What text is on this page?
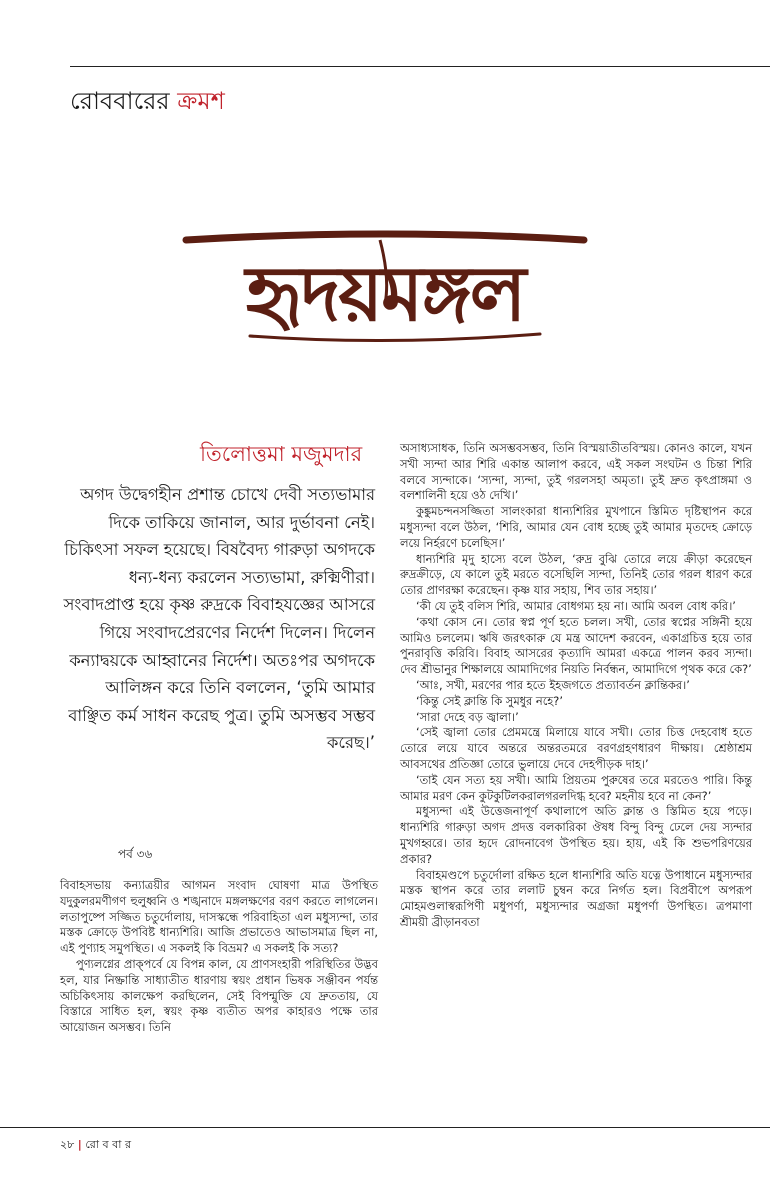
রোববারের ক্রমশ
হৃদয়মঙ্গল
তিলোত্তমা মজুমদার
অগদ উদ্বেগহীন প্রশান্ত চোখে দেবী সত্যভামার দিকে তাকিয়ে জানাল, আর দুর্ভাবনা নেই। চিকিৎসা সফল হয়েছে। বিষবৈদ্য গারুড়া অগদকে ধন্য-ধন্য করলেন সত্যভামা, রুক্মিণীরা। সংবাদপ্রাপ্ত হয়ে কৃষ্ণ রুদ্রকে বিবাহযজ্ঞের আসরে গিয়ে সংবাদপ্রেরণের নির্দেশ দিলেন। দিলেন কন্যাদ্বয়কে আহ্বানের নির্দেশ। অতঃপর অগদকে আলিঙ্গন করে তিনি বললেন, ‘তুমি আমার বাঞ্ছিত কর্ম সাধন করেছ পুত্র। তুমি অসম্ভব সম্ভব করেছ।’
পর্ব ৩৬

বিবাহসভায় কন্যাত্রয়ীর আগমন সংবাদ ঘোষণা মাত্র উপস্থিত যদুকুলরমণীগণ হুলুধ্বনি ও শঙ্খনাদে মঙ্গলক্ষণের বরণ করতে লাগলেন। লতাপুষ্পে সজ্জিত চতুর্দোলায়, দাসস্কন্ধে পরিবাহিতা এল মধুস্যন্দা, তার মস্তক ক্রোড়ে উপবিষ্ট ধান্যশিরি। আজি প্রভাতেও আভাসমাত্র ছিল না, এই পুণ্যাহ সমুপস্থিত। এ সকলই কি বিভ্রম? এ সকলই কি সত্য?

পুণ্যলগ্নের প্রাক্‌পর্বে যে বিপন্ন কাল, যে প্রাণসংহারী পরিস্থিতির উদ্ভব হল, যার নিষ্ক্রান্তি সাধ্যাতীত ধারণায় স্বয়ং প্রধান ভিষক সঞ্জীবন পর্যন্ত অচিকিৎসায় কালক্ষেপ করছিলেন, সেই বিপন্মুক্তি যে দ্রুততায়, যে বিস্তারে সাধিত হল, স্বয়ং কৃষ্ণ ব্যতীত অপর কাহারও পক্ষে তার আয়োজন অসম্ভব। তিনি

অসাধ্যসাধক, তিনি অসম্ভবসম্ভব, তিনি বিস্ময়াতীতবিস্ময়। কোনও কালে, যখন সখী স্যন্দা আর শিরি একান্ত আলাপ করবে, এই সকল সংঘটন ও চিন্তা শিরি বলবে স্যন্দাকে। ‘স্যন্দা, স্যন্দা, তুই গরলসহা অমৃতা। তুই দ্রুত কৃৎপ্রাঙ্গমা ও বলশালিনী হয়ে ওঠ দেখি।’

কুঙ্কুমচন্দনসজ্জিতা সালংকারা ধান্যশিরির মুখপানে স্তিমিত দৃষ্টিস্থাপন করে মধুস্যন্দা বলে উঠল, ‘শিরি, আমার যেন বোধ হচ্ছে তুই আমার মৃতদেহ ক্রোড়ে লয়ে নির্হরণে চলেছিস।’

ধান্যশিরি মৃদু হাস্যে বলে উঠল, ‘রুদ্র বুঝি তোরে লয়ে ক্রীড়া করেছেন রুদ্রক্রীড়ে, যে কালে তুই মরতে বসেছিলি স্যন্দা, তিনিই তোর গরল ধারণ করে তোর প্রাণরক্ষা করেছেন। কৃষ্ণ যার সহায়, শিব তার সহায়।’

‘কী যে তুই বলিস শিরি, আমার বোধগম্য হয় না। আমি অবল বোধ করি।’

‘কথা কোস নে। তোর স্বপ্ন পূর্ণ হতে চলল। সখী, তোর স্বপ্নের সঙ্গিনী হয়ে আমিও চললেম। ঋষি জরৎকারু যে মন্ত্র আদেশ করবেন, একাগ্রচিত্ত হয়ে তার পুনরাবৃত্তি করিবি। বিবাহ আসরের কৃত্যাদি আমরা একত্রে পালন করব স্যন্দা। দেব শ্রীভানুর শিক্ষালয়ে আমাদিগের নিয়তি নির্বন্ধন, আমাদিগে পৃথক করে কে?’

‘আঃ, সখী, মরণের পার হতে ইহজগতে প্রত্যাবর্তন ক্লান্তিকর।’

‘কিন্তু সেই ক্লান্তি কি সুমধুর নহে?’

‘সারা দেহে বড় জ্বালা।’

‘সেই জ্বালা তোর প্রেমমন্ত্রে মিলায়ে যাবে সখী। তোর চিত্ত দেহবোধ হতে তোরে লয়ে যাবে অন্তরে অন্তরতমরে বরণগ্রহণধারণ দীক্ষায়। শ্রেষ্ঠাশ্রম আবসথের প্রতিজ্ঞা তোরে ভুলায়ে দেবে দেহপীড়ক দাহ।’

‘তাই যেন সত্য হয় সখী। আমি প্রিয়তম পুরুষের তরে মরতেও পারি। কিন্তু আমার মরণ কেন কুটকুটিলকরালগরলদিগ্ধ হবে? মহনীয় হবে না কেন?’

মধুস্যন্দা এই উত্তেজনাপূর্ণ কথালাপে অতি ক্লান্ত ও স্তিমিত হয়ে পড়ে। ধান্যশিরি গারুড়া অগদ প্রদত্ত বলকারিকা ঔষধ বিন্দু বিন্দু ঢেলে দেয় স্যন্দার মুখগহ্বরে। তার হৃদে রোদনাবেগ উপস্থিত হয়। হায়, এই কি শুভপরিণয়ের প্রকার?

বিবাহমণ্ডপে চতুর্দোলা রক্ষিত হলে ধান্যশিরি অতি যত্নে উপাধানে মধুস্যন্দার মস্তক স্থাপন করে তার ললাট চুম্বন করে নির্গত হল। বিপ্রবীপে অপরূপ মোহমণ্ডলাস্বরূপিণী মধুপর্ণা, মধুস্যন্দার অগ্রজা মধুপর্ণা উপস্থিত। ত্রপমাণা শ্রীময়ী ব্রীড়ানবতা

২৮ | রো ব বা র
